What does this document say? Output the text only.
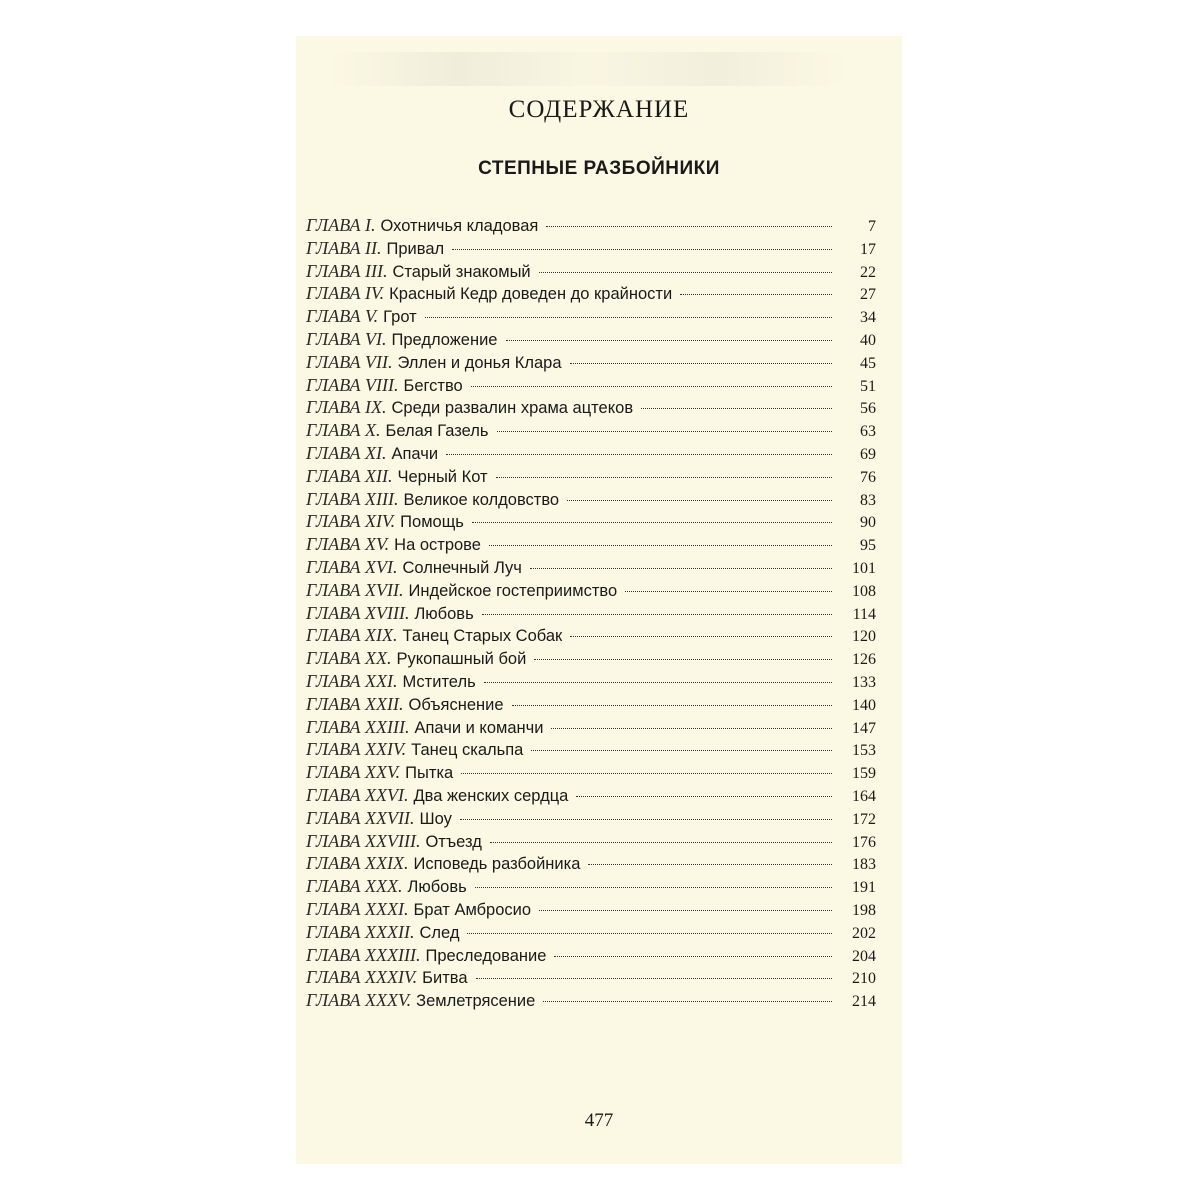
СОДЕРЖАНИЕ
СТЕПНЫЕ РАЗБОЙНИКИ
ГЛАВА I. Охотничья кладовая	7
ГЛАВА II. Привал	17
ГЛАВА III. Старый знакомый	22
ГЛАВА IV. Красный Кедр доведен до крайности	27
ГЛАВА V. Грот	34
ГЛАВА VI. Предложение	40
ГЛАВА VII. Эллен и донья Клара	45
ГЛАВА VIII. Бегство	51
ГЛАВА IX. Среди развалин храма ацтеков	56
ГЛАВА X. Белая Газель	63
ГЛАВА XI. Апачи	69
ГЛАВА XII. Черный Кот	76
ГЛАВА XIII. Великое колдовство	83
ГЛАВА XIV. Помощь	90
ГЛАВА XV. На острове	95
ГЛАВА XVI. Солнечный Луч	101
ГЛАВА XVII. Индейское гостеприимство	108
ГЛАВА XVIII. Любовь	114
ГЛАВА XIX. Танец Старых Собак	120
ГЛАВА XX. Рукопашный бой	126
ГЛАВА XXI. Мститель	133
ГЛАВА XXII. Объяснение	140
ГЛАВА XXIII. Апачи и команчи	147
ГЛАВА XXIV. Танец скальпа	153
ГЛАВА XXV. Пытка	159
ГЛАВА XXVI. Два женских сердца	164
ГЛАВА XXVII. Шоу	172
ГЛАВА XXVIII. Отъезд	176
ГЛАВА XXIX. Исповедь разбойника	183
ГЛАВА XXX. Любовь	191
ГЛАВА XXXI. Брат Амбросио	198
ГЛАВА XXXII. След	202
ГЛАВА XXXIII. Преследование	204
ГЛАВА XXXIV. Битва	210
ГЛАВА XXXV. Землетрясение	214
477
